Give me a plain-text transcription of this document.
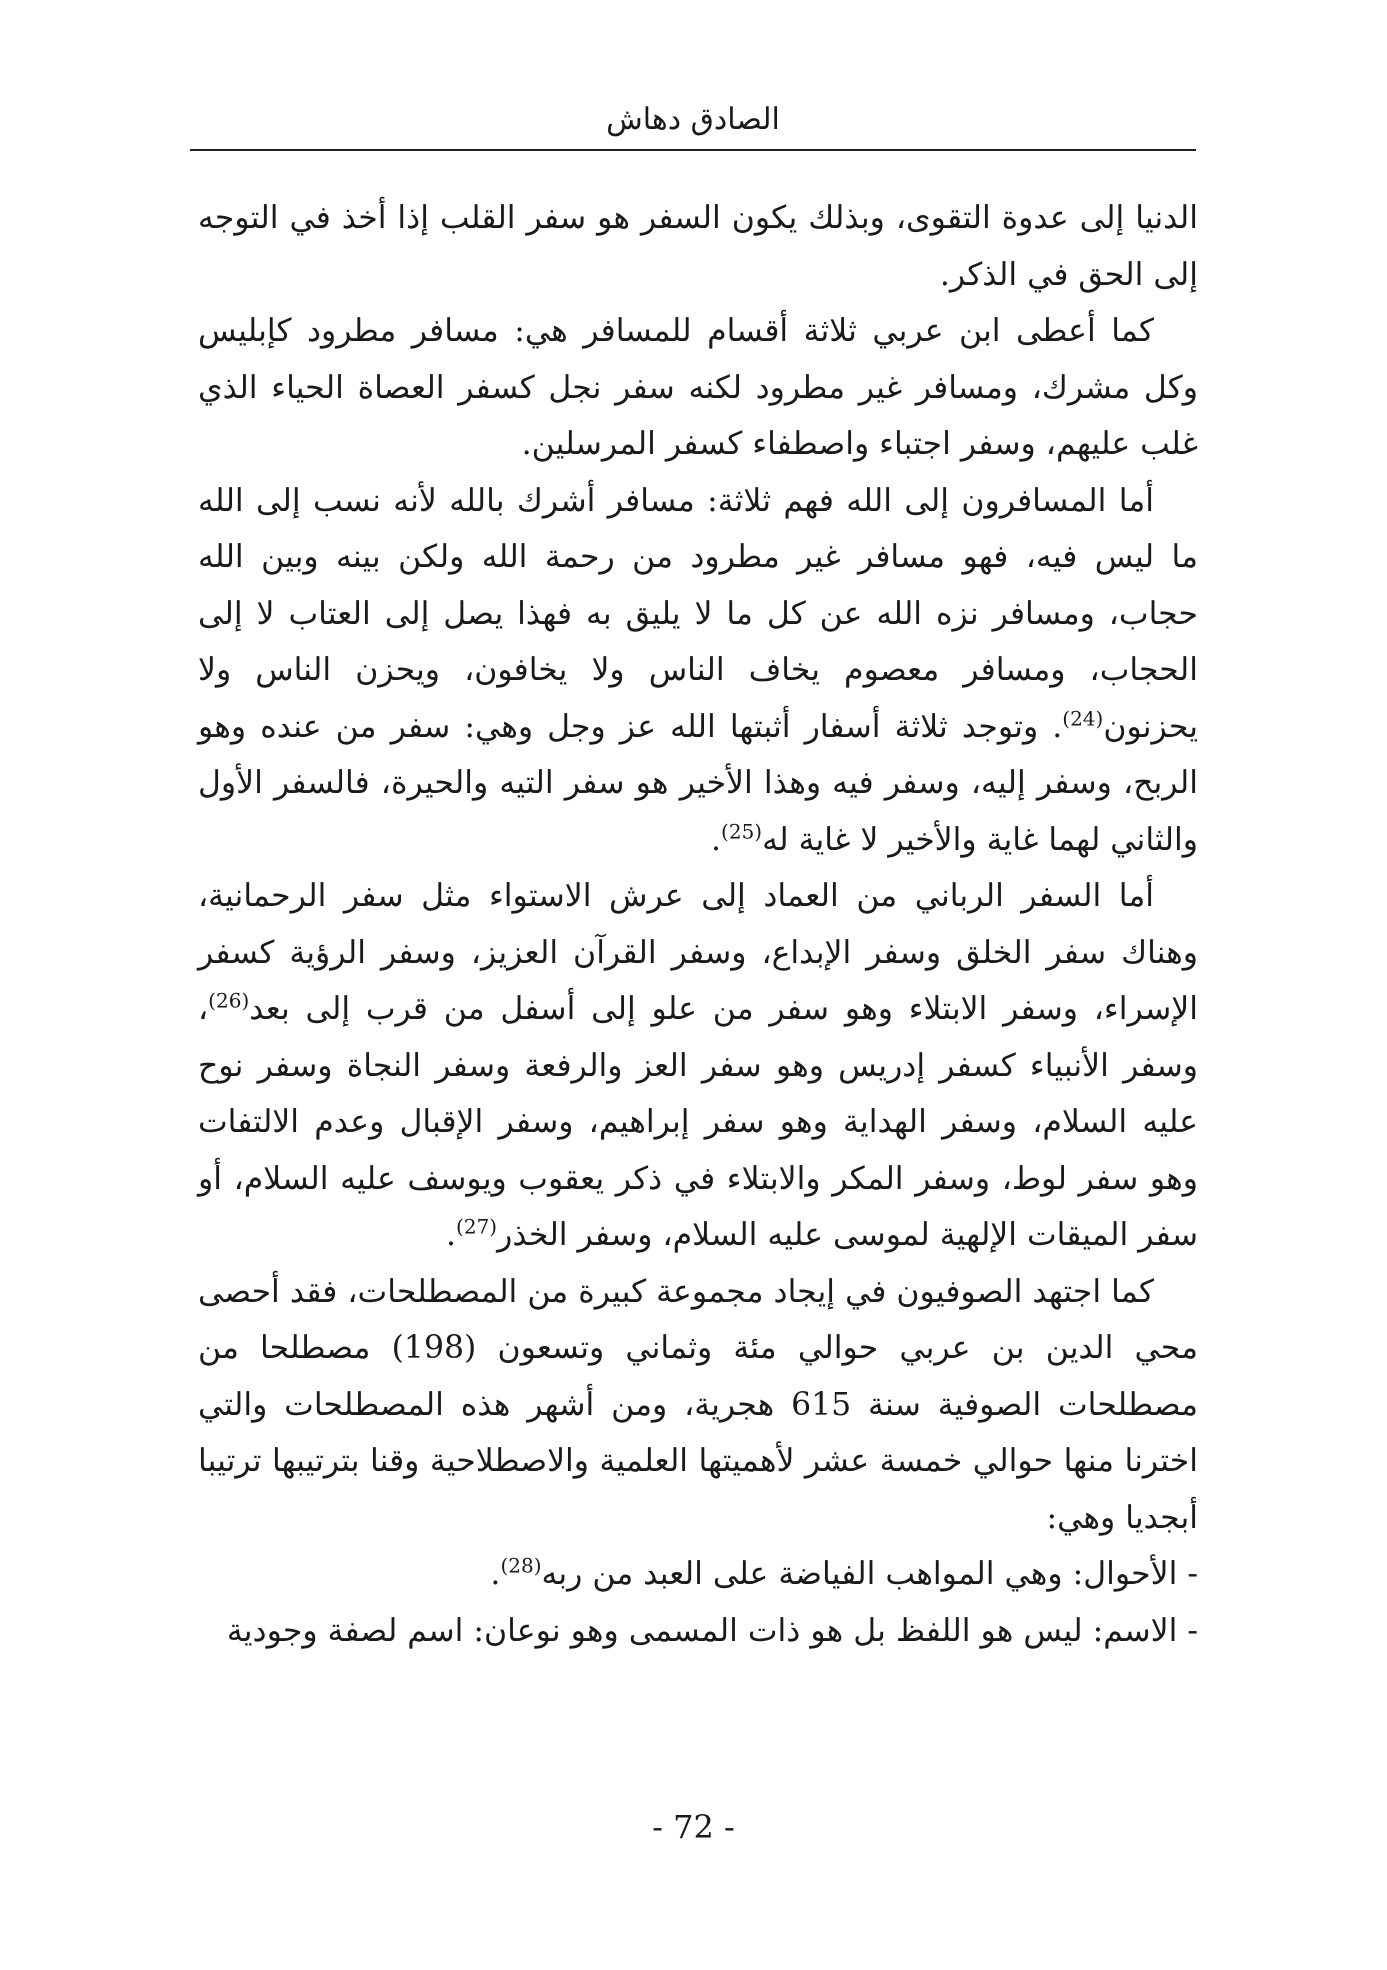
الصادق دهاش

الدنيا إلى عدوة التقوى، وبذلك يكون السفر هو سفر القلب إذا أخذ في التوجه إلى الحق في الذكر.

كما أعطى ابن عربي ثلاثة أقسام للمسافر هي: مسافر مطرود كإبليس وكل مشرك، ومسافر غير مطرود لكنه سفر نجل كسفر العصاة الحياء الذي غلب عليهم، وسفر اجتباء واصطفاء كسفر المرسلين.

أما المسافرون إلى الله فهم ثلاثة: مسافر أشرك بالله لأنه نسب إلى الله ما ليس فيه، فهو مسافر غير مطرود من رحمة الله ولكن بينه وبين الله حجاب، ومسافر نزه الله عن كل ما لا يليق به فهذا يصل إلى العتاب لا إلى الحجاب، ومسافر معصوم يخاف الناس ولا يخافون، ويحزن الناس ولا يحزنون$^{(24)}$. وتوجد ثلاثة أسفار أثبتها الله عز وجل وهي: سفر من عنده وهو الربح، وسفر إليه، وسفر فيه وهذا الأخير هو سفر التيه والحيرة، فالسفر الأول والثاني لهما غاية والأخير لا غاية له$^{(25)}$.

أما السفر الرباني من العماد إلى عرش الاستواء مثل سفر الرحمانية، وهناك سفر الخلق وسفر الإبداع، وسفر القرآن العزيز، وسفر الرؤية كسفر الإسراء، وسفر الابتلاء وهو سفر من علو إلى أسفل من قرب إلى بعد$^{(26)}$، وسفر الأنبياء كسفر إدريس وهو سفر العز والرفعة وسفر النجاة وسفر نوح عليه السلام، وسفر الهداية وهو سفر إبراهيم، وسفر الإقبال وعدم الالتفات وهو سفر لوط، وسفر المكر والابتلاء في ذكر يعقوب ويوسف عليه السلام، أو سفر الميقات الإلهية لموسى عليه السلام، وسفر الخذر$^{(27)}$.

كما اجتهد الصوفيون في إيجاد مجموعة كبيرة من المصطلحات، فقد أحصى محي الدين بن عربي حوالي مئة وثماني وتسعون (198) مصطلحا من مصطلحات الصوفية سنة 615 هجرية، ومن أشهر هذه المصطلحات والتي اخترنا منها حوالي خمسة عشر لأهميتها العلمية والاصطلاحية وقنا بترتيبها ترتيبا أبجديا وهي:

- الأحوال: وهي المواهب الفياضة على العبد من ربه$^{(28)}$.

- الاسم: ليس هو اللفظ بل هو ذات المسمى وهو نوعان: اسم لصفة وجودية

- 72 -
